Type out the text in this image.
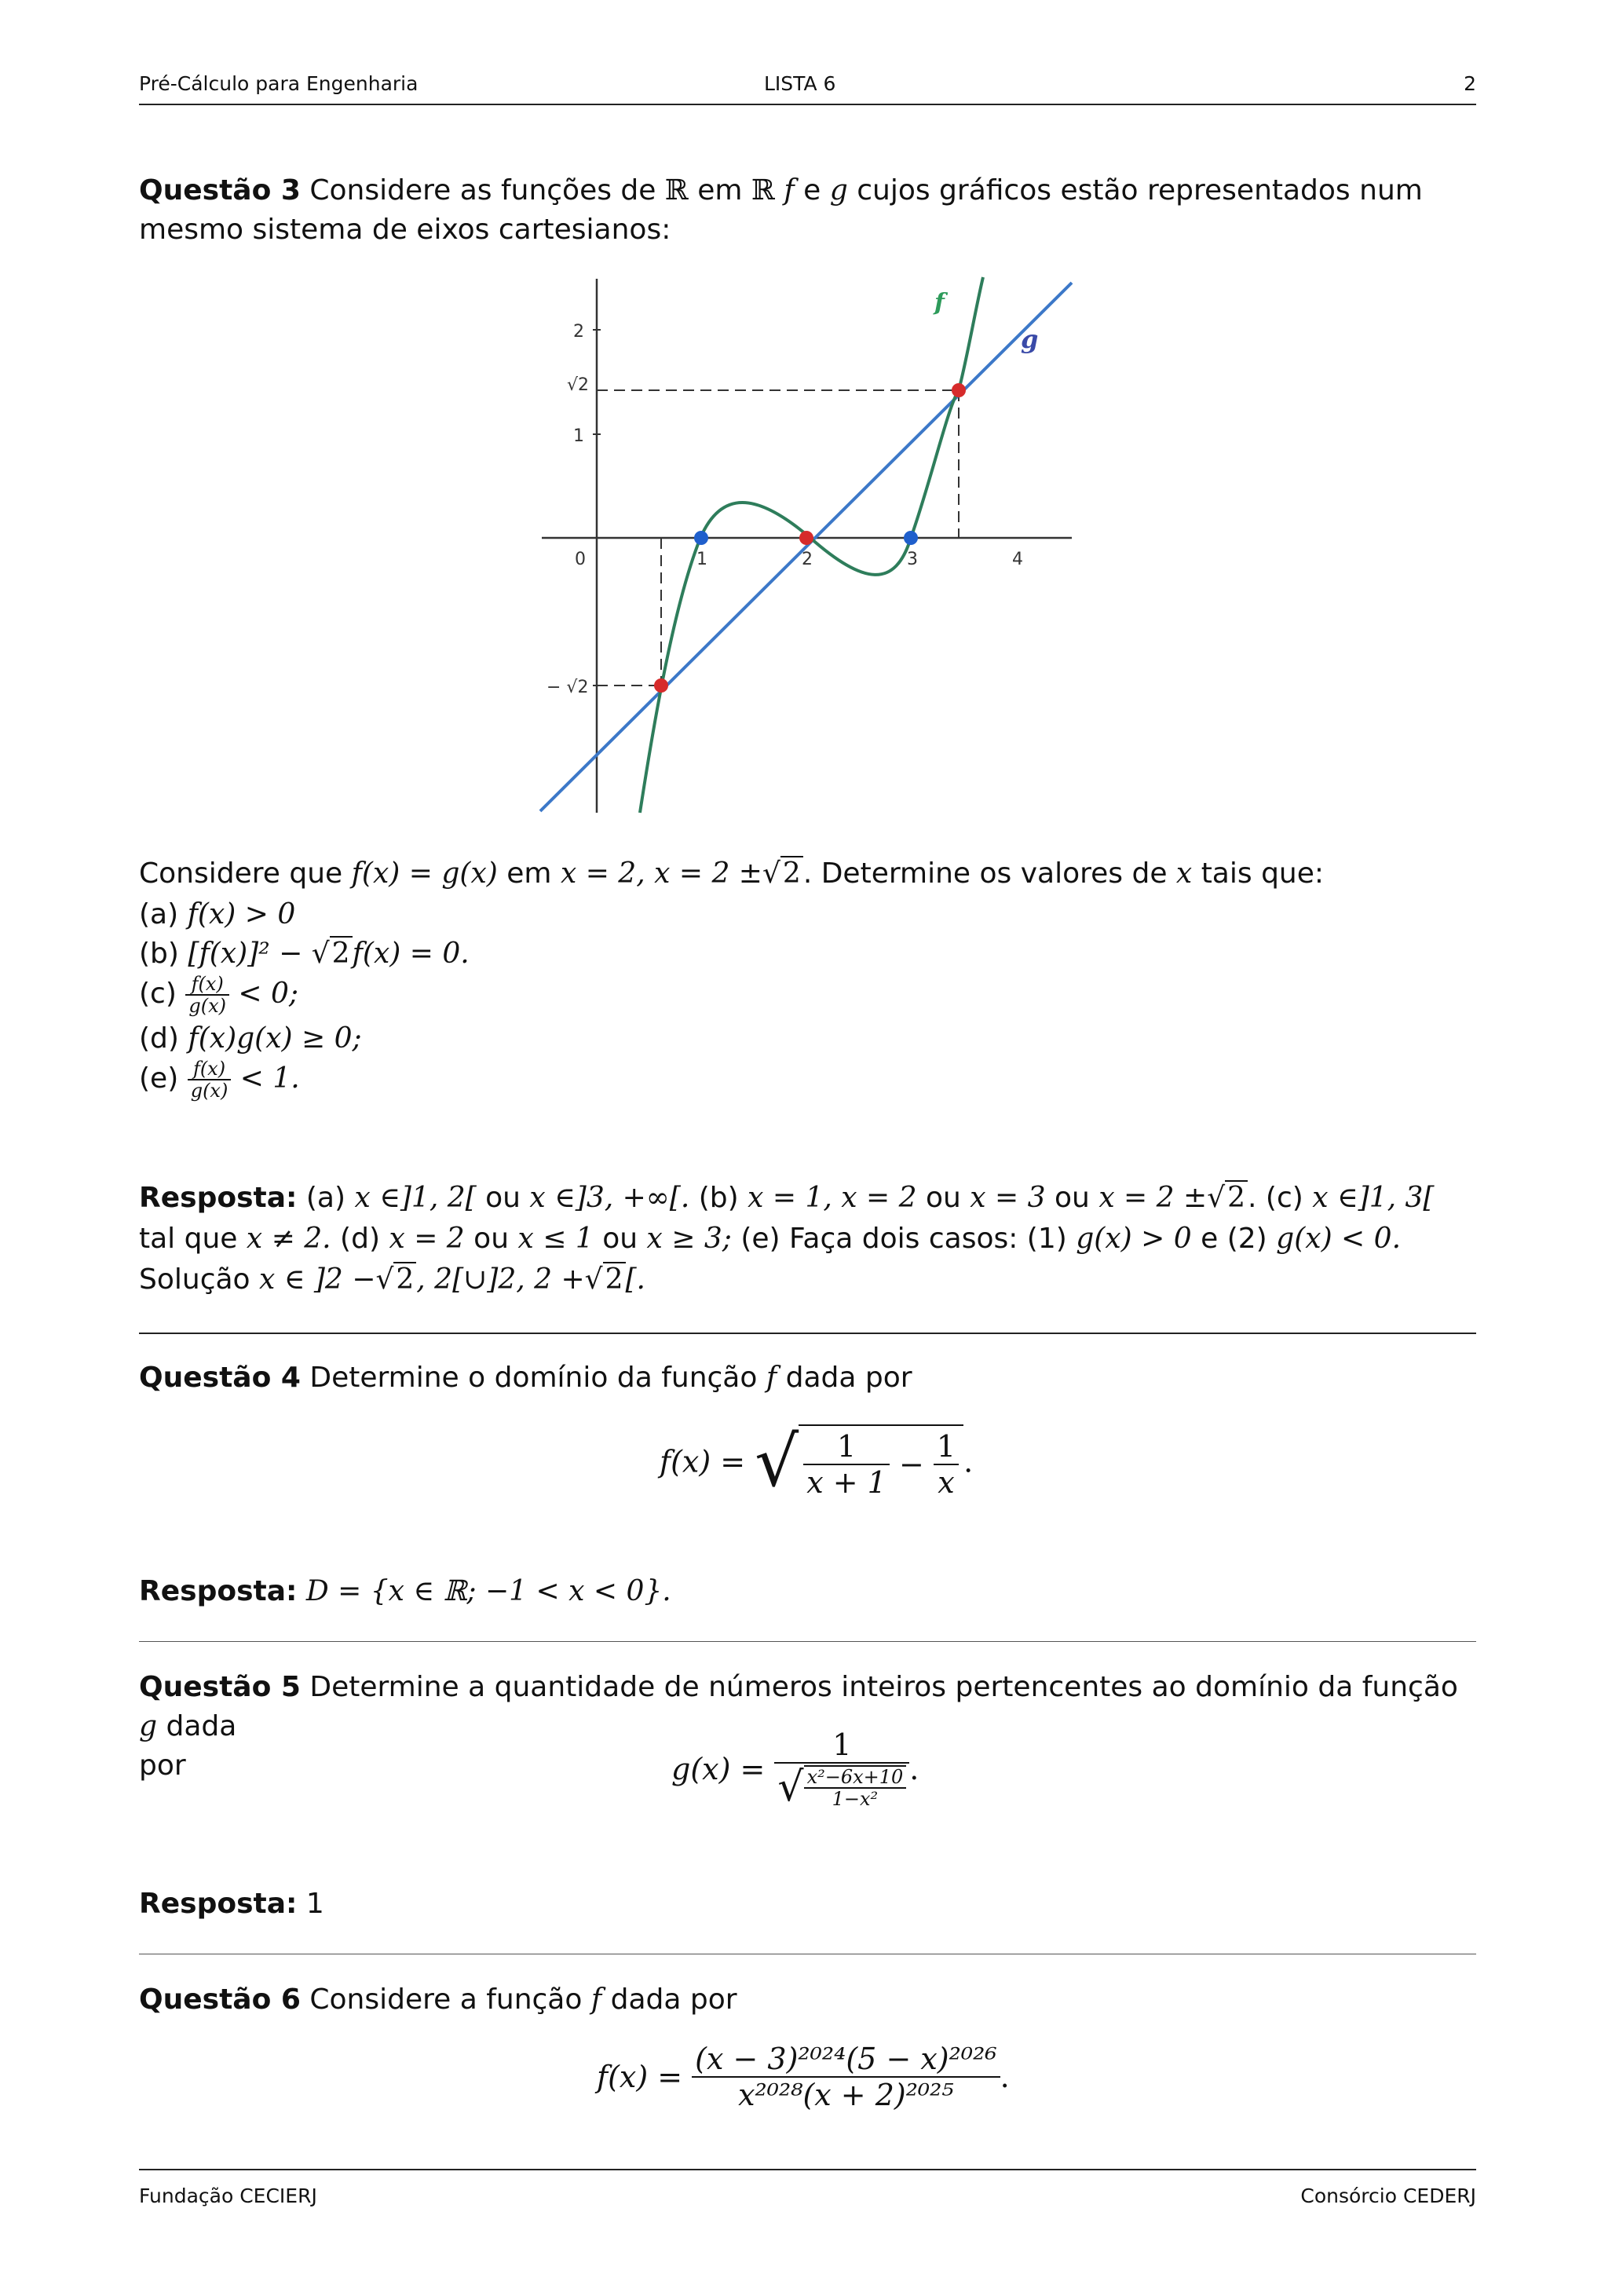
Pré-Cálculo para Engenharia	LISTA 6	2
Questão 3 Considere as funções de ℝ em ℝ f e g cujos gráficos estão representados num mesmo sistema de eixos cartesianos:
2
√2
1
− √2
0	1	2	3	4
f
g
Considere que f(x) = g(x) em x = 2, x = 2 ±√2. Determine os valores de x tais que:
(a) f(x) > 0
(b) [f(x)]² − √2f(x) = 0.
$(c) \frac{f(x)}{g(x)} < 0$;
(d) f(x)g(x) ≥ 0;
$(e) \frac{f(x)}{g(x)} < 1$.
Resposta: (a) x ∈]1, 2[ ou x ∈]3, +∞[. (b) x = 1, x = 2 ou x = 3 ou x = 2 ±√2. (c) x ∈]1, 3[
tal que x ≠ 2. (d) x = 2 ou x ≤ 1 ou x ≥ 3; (e) Faça dois casos: (1) g(x) > 0 e (2) g(x) < 0.
Solução x ∈ ]2 −√2, 2[∪]2, 2 +√2[.
Questão 4 Determine o domínio da função f dada por
f(x) = √ $\frac{1}{x + 1} - \frac{1}{x}$ .
Resposta: D = {x ∈ ℝ; −1 < x < 0}.
Questão 5 Determine a quantidade de números inteiros pertencentes ao domínio da função g dada
por	$g(x) = \frac{1}{√ \frac{\text{x²−6x+10}}{\text{1−x²}}}$ .
Resposta: 1
Questão 6 Considere a função f dada por
$f(x) = \frac{\text{(x − 3)²⁰²⁴(5 − x)²⁰²⁶}}{\text{x²⁰²⁸(x + 2)²⁰²⁵}}$ .
Fundação CECIERJ	Consórcio CEDERJ
